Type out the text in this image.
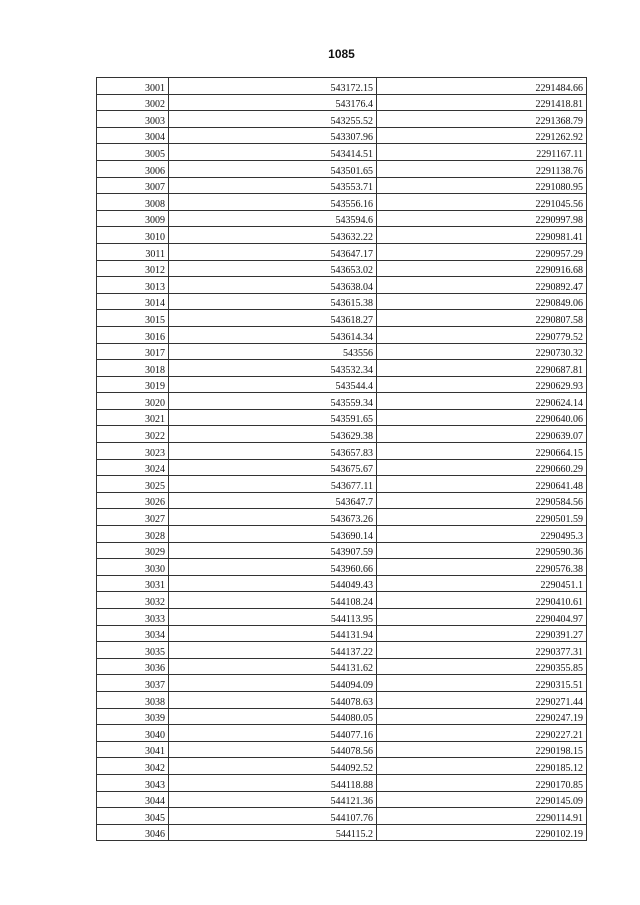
1085
3001	543172.15	2291484.66
3002	543176.4	2291418.81
3003	543255.52	2291368.79
3004	543307.96	2291262.92
3005	543414.51	2291167.11
3006	543501.65	2291138.76
3007	543553.71	2291080.95
3008	543556.16	2291045.56
3009	543594.6	2290997.98
3010	543632.22	2290981.41
3011	543647.17	2290957.29
3012	543653.02	2290916.68
3013	543638.04	2290892.47
3014	543615.38	2290849.06
3015	543618.27	2290807.58
3016	543614.34	2290779.52
3017	543556	2290730.32
3018	543532.34	2290687.81
3019	543544.4	2290629.93
3020	543559.34	2290624.14
3021	543591.65	2290640.06
3022	543629.38	2290639.07
3023	543657.83	2290664.15
3024	543675.67	2290660.29
3025	543677.11	2290641.48
3026	543647.7	2290584.56
3027	543673.26	2290501.59
3028	543690.14	2290495.3
3029	543907.59	2290590.36
3030	543960.66	2290576.38
3031	544049.43	2290451.1
3032	544108.24	2290410.61
3033	544113.95	2290404.97
3034	544131.94	2290391.27
3035	544137.22	2290377.31
3036	544131.62	2290355.85
3037	544094.09	2290315.51
3038	544078.63	2290271.44
3039	544080.05	2290247.19
3040	544077.16	2290227.21
3041	544078.56	2290198.15
3042	544092.52	2290185.12
3043	544118.88	2290170.85
3044	544121.36	2290145.09
3045	544107.76	2290114.91
3046	544115.2	2290102.19
